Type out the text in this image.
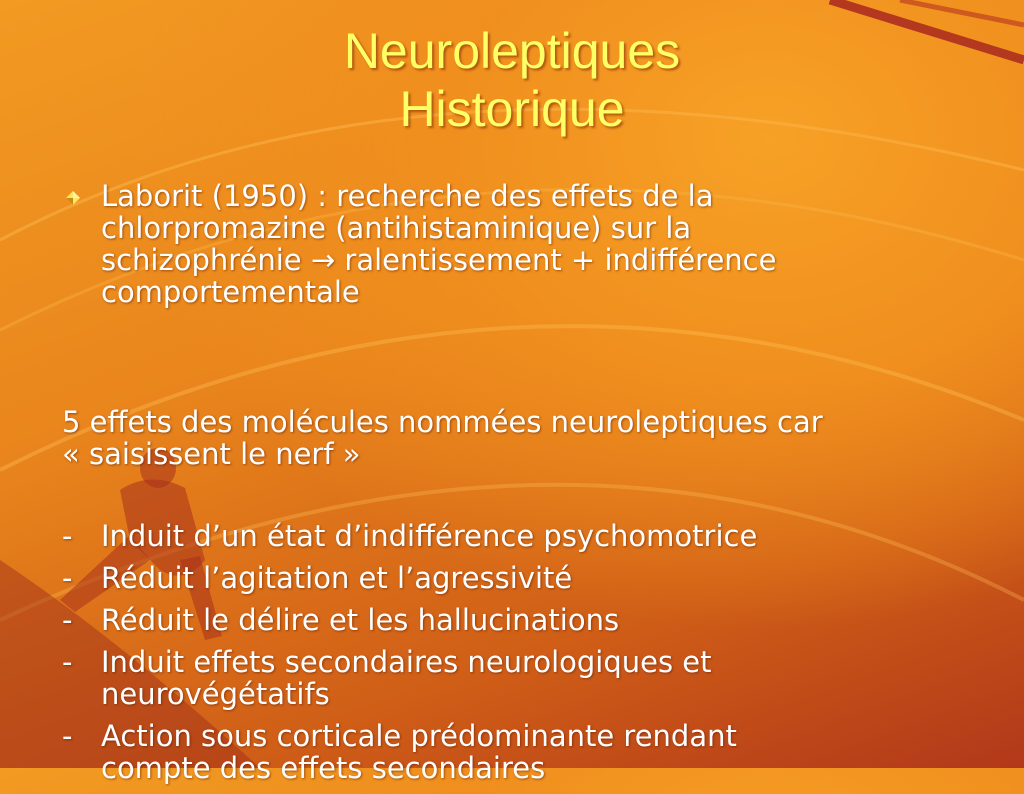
Neuroleptiques
Historique
Laborit (1950) : recherche des effets de la
chlorpromazine (antihistaminique) sur la
schizophrénie → ralentissement + indifférence
comportementale
5 effets des molécules nommées neuroleptiques car
« saisissent le nerf »
- Induit d’un état d’indifférence psychomotrice
- Réduit l’agitation et l’agressivité
- Réduit le délire et les hallucinations
- Induit effets secondaires neurologiques et
neurovégétatifs
- Action sous corticale prédominante rendant
compte des effets secondaires
